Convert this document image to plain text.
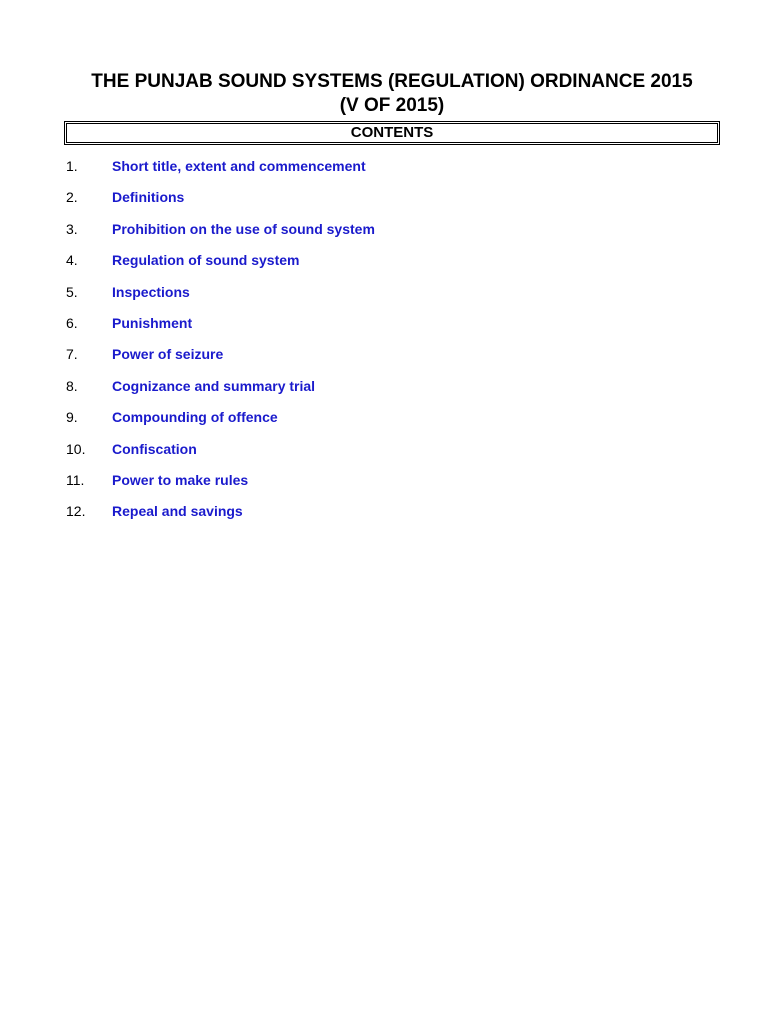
THE PUNJAB SOUND SYSTEMS (REGULATION) ORDINANCE 2015
(V OF 2015)
CONTENTS
1. Short title, extent and commencement
2. Definitions
3. Prohibition on the use of sound system
4. Regulation of sound system
5. Inspections
6. Punishment
7. Power of seizure
8. Cognizance and summary trial
9. Compounding of offence
10. Confiscation
11. Power to make rules
12. Repeal and savings
